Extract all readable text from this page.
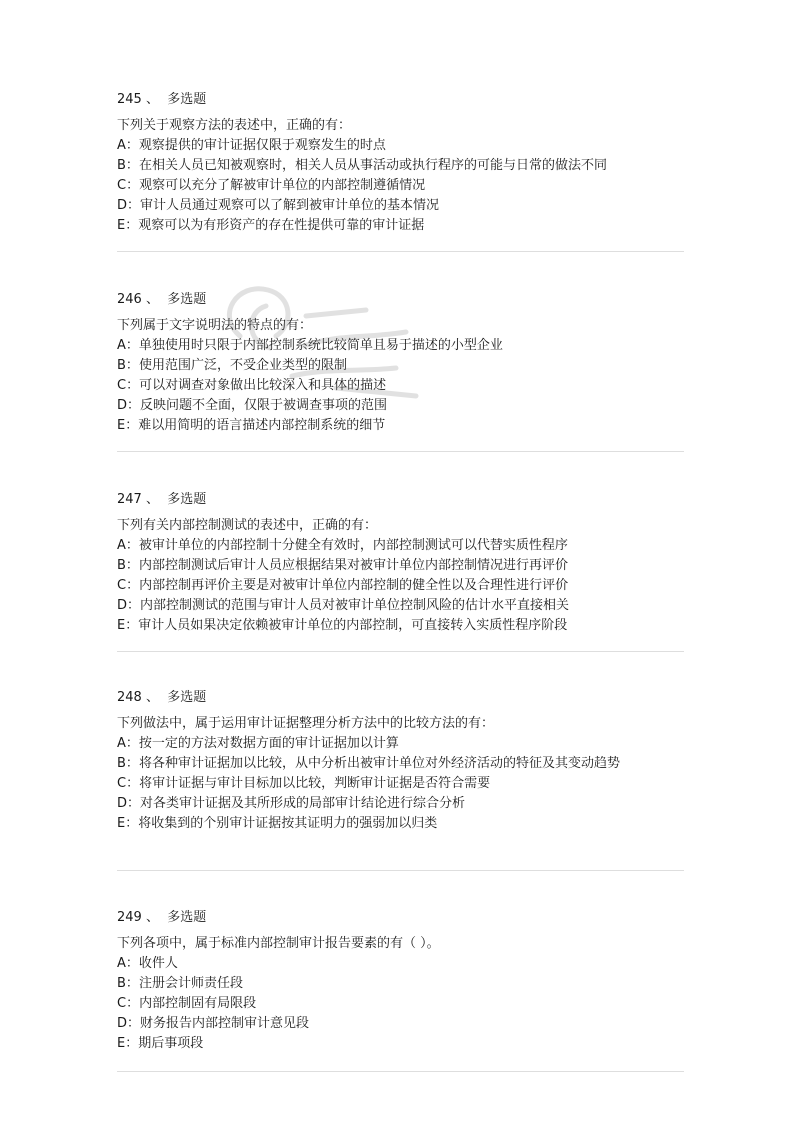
245 、 多选题
下列关于观察方法的表述中，正确的有：
A： 观察提供的审计证据仅限于观察发生的时点
B： 在相关人员已知被观察时，相关人员从事活动或执行程序的可能与日常的做法不同
C： 观察可以充分了解被审计单位的内部控制遵循情况
D： 审计人员通过观察可以了解到被审计单位的基本情况
E： 观察可以为有形资产的存在性提供可靠的审计证据
246 、 多选题
下列属于文字说明法的特点的有：
A： 单独使用时只限于内部控制系统比较简单且易于描述的小型企业
B： 使用范围广泛，不受企业类型的限制
C： 可以对调查对象做出比较深入和具体的描述
D： 反映问题不全面，仅限于被调查事项的范围
E： 难以用简明的语言描述内部控制系统的细节
247 、 多选题
下列有关内部控制测试的表述中，正确的有：
A： 被审计单位的内部控制十分健全有效时，内部控制测试可以代替实质性程序
B： 内部控制测试后审计人员应根据结果对被审计单位内部控制情况进行再评价
C： 内部控制再评价主要是对被审计单位内部控制的健全性以及合理性进行评价
D： 内部控制测试的范围与审计人员对被审计单位控制风险的估计水平直接相关
E： 审计人员如果决定依赖被审计单位的内部控制，可直接转入实质性程序阶段
248 、 多选题
下列做法中，属于运用审计证据整理分析方法中的比较方法的有：
A： 按一定的方法对数据方面的审计证据加以计算
B： 将各种审计证据加以比较，从中分析出被审计单位对外经济活动的特征及其变动趋势
C： 将审计证据与审计目标加以比较，判断审计证据是否符合需要
D： 对各类审计证据及其所形成的局部审计结论进行综合分析
E： 将收集到的个别审计证据按其证明力的强弱加以归类
249 、 多选题
下列各项中，属于标准内部控制审计报告要素的有（ ）。
A： 收件人
B： 注册会计师责任段
C： 内部控制固有局限段
D： 财务报告内部控制审计意见段
E： 期后事项段
